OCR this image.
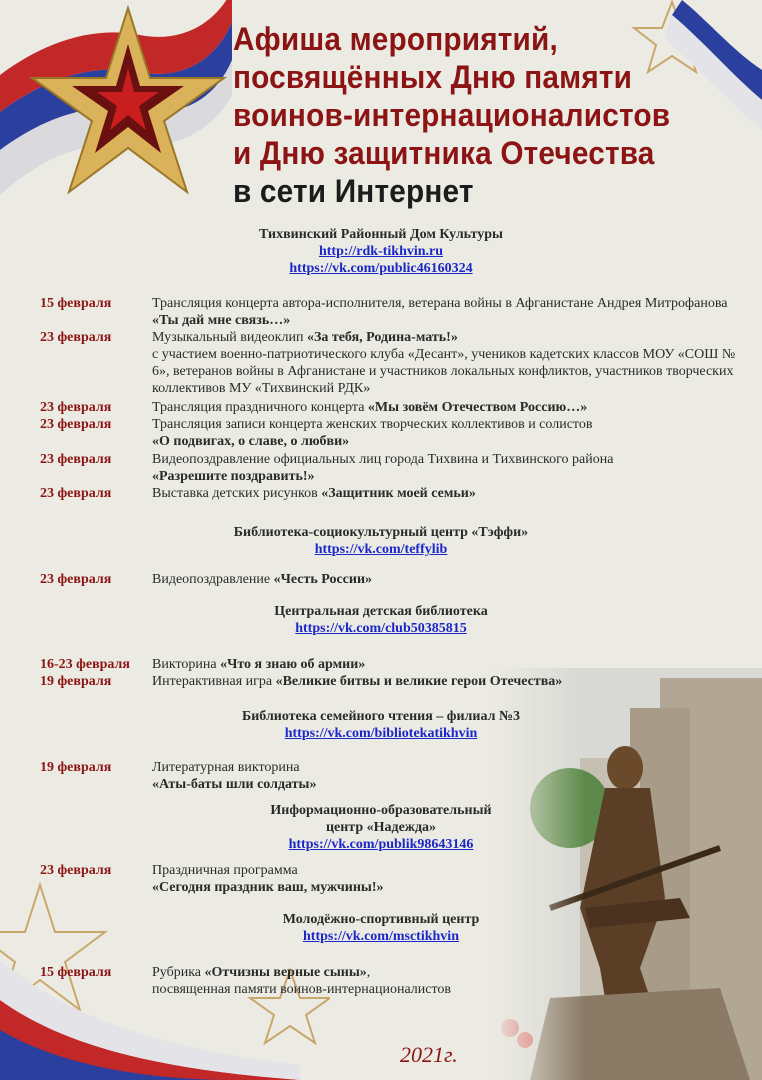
Афиша мероприятий,
посвящённых Дню памяти
воинов-интернационалистов
и Дню защитника Отечества
в сети Интернет
Тихвинский Районный Дом Культуры
http://rdk-tikhvin.ru
https://vk.com/public46160324
15 февраля	Трансляция концерта автора-исполнителя, ветерана войны в Афганистане Андрея Митрофанова «Ты дай мне связь…»
23 февраля	Музыкальный видеоклип «За тебя, Родина-мать!»
с участием военно-патриотического клуба «Десант», учеников кадетских классов МОУ «СОШ № 6», ветеранов войны в Афганистане и участников локальных конфликтов, участников творческих коллективов МУ «Тихвинский РДК»
23 февраля	Трансляция праздничного концерта «Мы зовём Отечеством Россию…»
23 февраля	Трансляция записи концерта женских творческих коллективов и солистов
«О подвигах, о славе, о любви»
23 февраля	Видеопоздравление официальных лиц города Тихвина и Тихвинского района
«Разрешите поздравить!»
23 февраля	Выставка детских рисунков «Защитник моей семьи»
Библиотека-социокультурный центр «Тэффи»
https://vk.com/teffylib
23 февраля	Видеопоздравление «Честь России»
Центральная детская библиотека
https://vk.com/club50385815
16-23 февраля	Викторина «Что я знаю об армии»
19 февраля	Интерактивная игра «Великие битвы и великие герои Отечества»
Библиотека семейного чтения – филиал №3
https://vk.com/bibliotekatikhvin
19 февраля	Литературная викторина
«Аты-баты шли солдаты»
Информационно-образовательный
центр «Надежда»
https://vk.com/publik98643146
23 февраля	Праздничная программа
«Сегодня праздник ваш, мужчины!»
Молодёжно-спортивный центр
https://vk.com/msctikhvin
15 февраля	Рубрика «Отчизны верные сыны»,
посвященная памяти воинов-интернационалистов
2021г.
